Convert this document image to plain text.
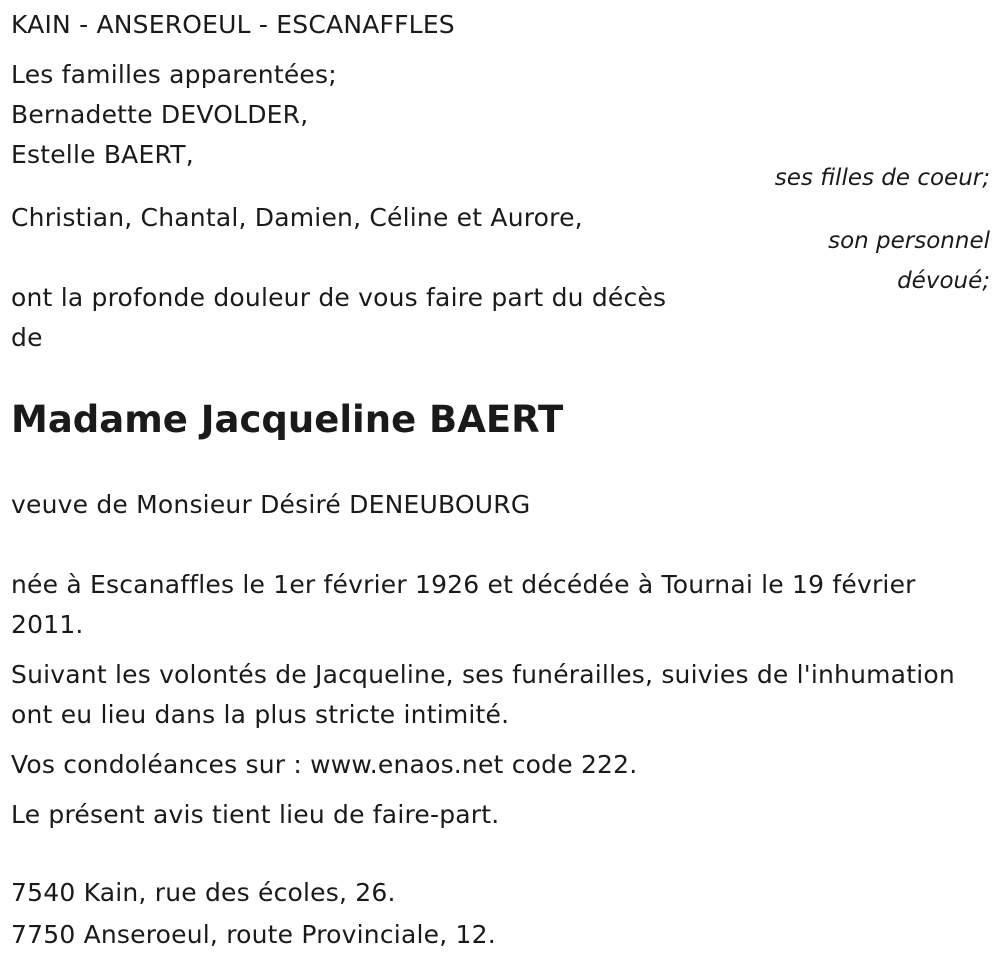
KAIN - ANSEROEUL - ESCANAFFLES
Les familles apparentées;
Bernadette DEVOLDER,
Estelle BAERT,
ses filles de coeur;
Christian, Chantal, Damien, Céline et Aurore,
son personnel
dévoué;
ont la profonde douleur de vous faire part du décès
de
Madame Jacqueline BAERT
veuve de Monsieur Désiré DENEUBOURG
née à Escanaffles le 1er février 1926 et décédée à Tournai le 19 février
2011.
Suivant les volontés de Jacqueline, ses funérailles, suivies de l'inhumation
ont eu lieu dans la plus stricte intimité.
Vos condoléances sur : www.enaos.net code 222.
Le présent avis tient lieu de faire-part.
7540 Kain, rue des écoles, 26.
7750 Anseroeul, route Provinciale, 12.
